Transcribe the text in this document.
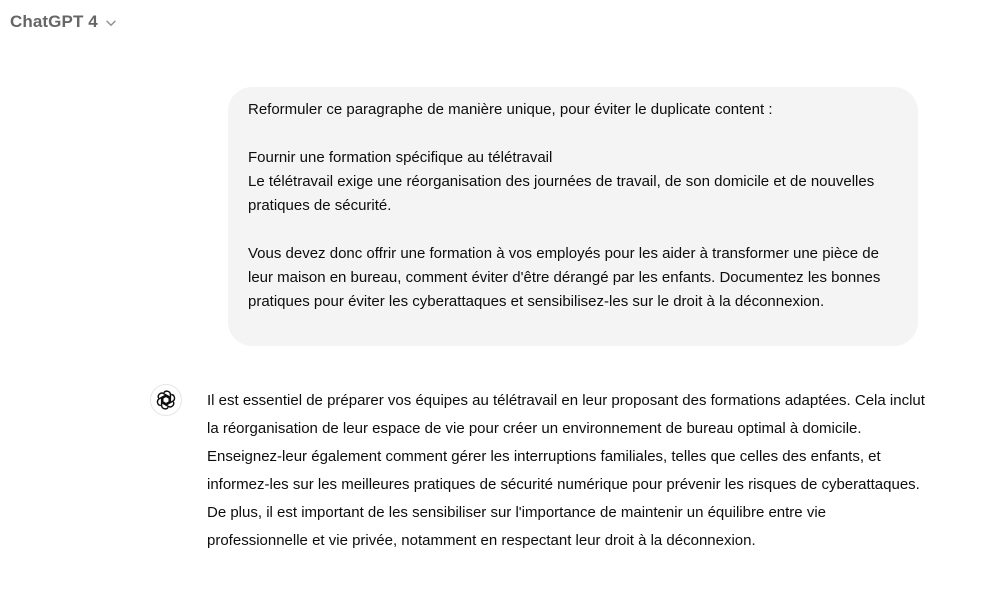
ChatGPT 4

Reformuler ce paragraphe de manière unique, pour éviter le duplicate content :

Fournir une formation spécifique au télétravail
Le télétravail exige une réorganisation des journées de travail, de son domicile et de nouvelles pratiques de sécurité.

Vous devez donc offrir une formation à vos employés pour les aider à transformer une pièce de leur maison en bureau, comment éviter d'être dérangé par les enfants. Documentez les bonnes pratiques pour éviter les cyberattaques et sensibilisez-les sur le droit à la déconnexion.

Il est essentiel de préparer vos équipes au télétravail en leur proposant des formations adaptées. Cela inclut la réorganisation de leur espace de vie pour créer un environnement de bureau optimal à domicile. Enseignez-leur également comment gérer les interruptions familiales, telles que celles des enfants, et informez-les sur les meilleures pratiques de sécurité numérique pour prévenir les risques de cyberattaques. De plus, il est important de les sensibiliser sur l'importance de maintenir un équilibre entre vie professionnelle et vie privée, notamment en respectant leur droit à la déconnexion.
